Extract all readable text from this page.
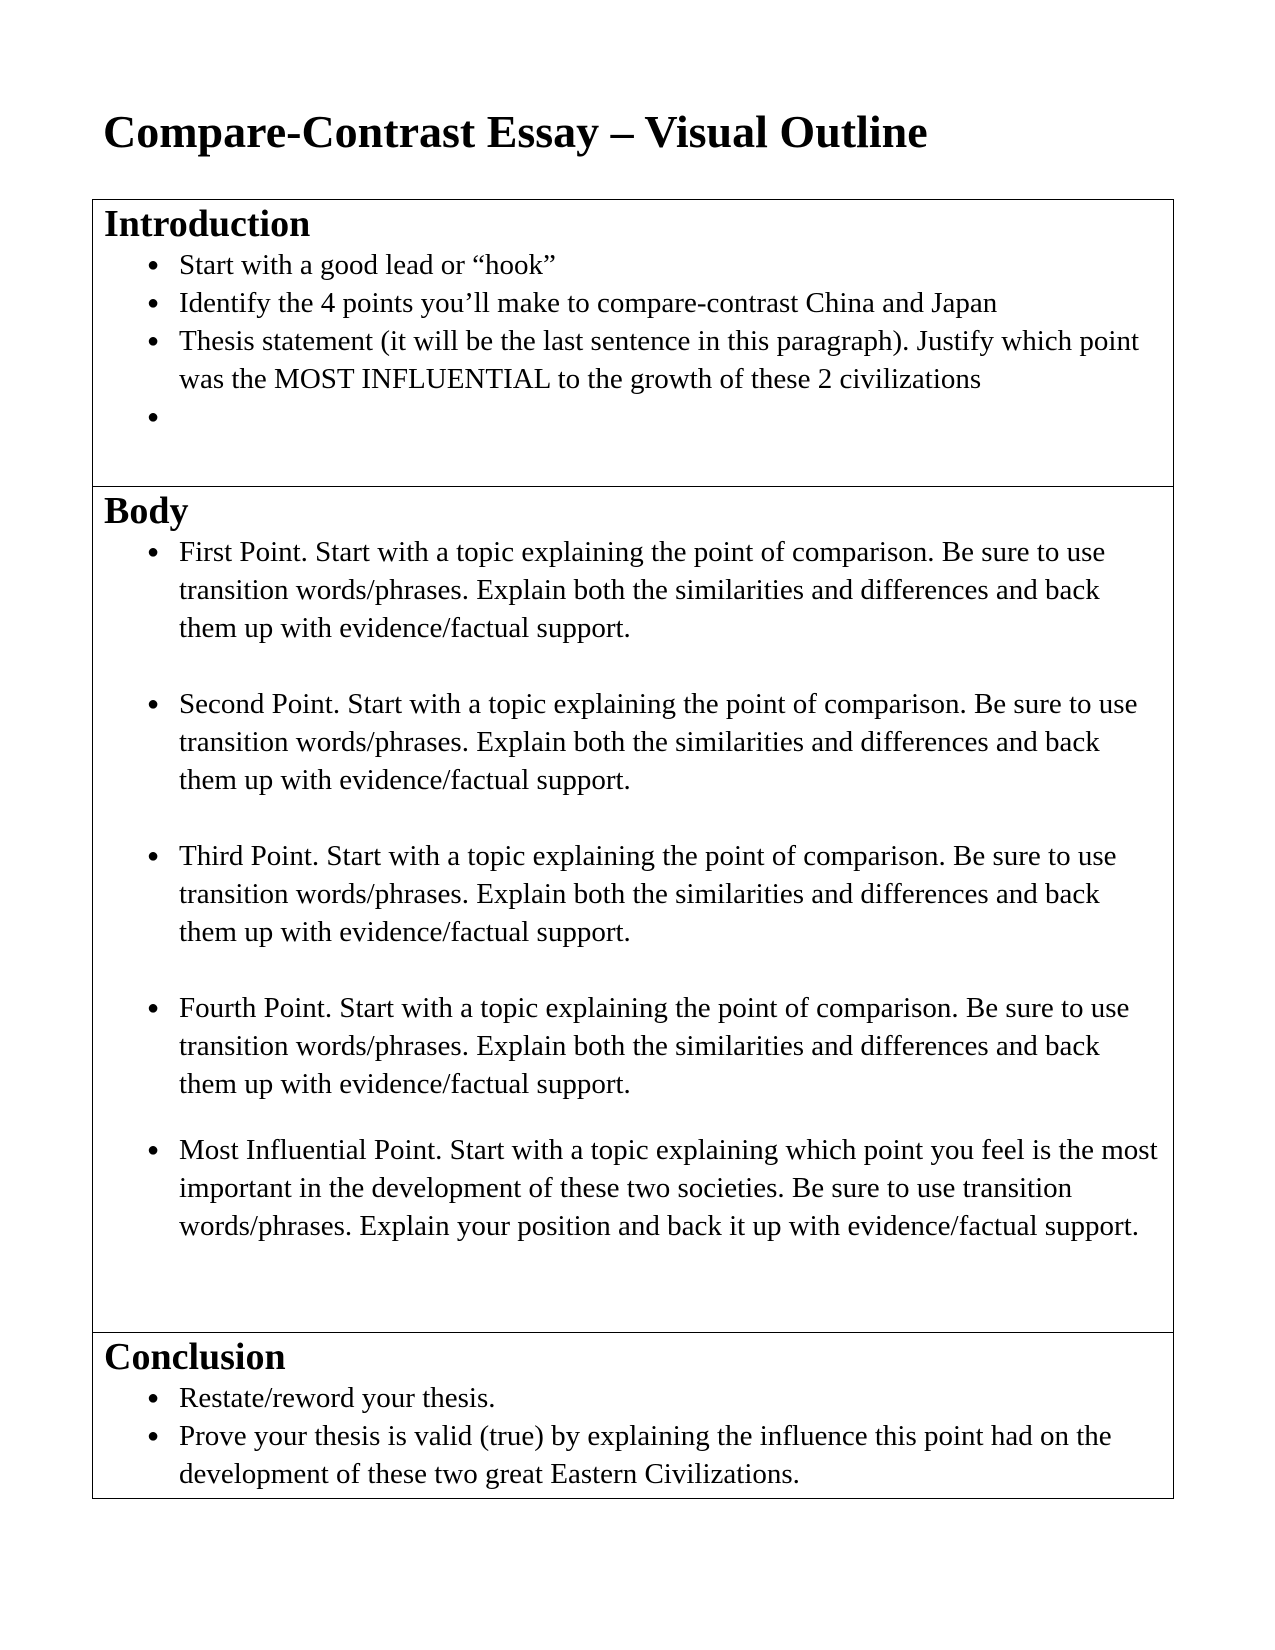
Compare-Contrast Essay – Visual Outline
Introduction
● Start with a good lead or “hook”
● Identify the 4 points you’ll make to compare-contrast China and Japan
● Thesis statement (it will be the last sentence in this paragraph). Justify which point was the MOST INFLUENTIAL to the growth of these 2 civilizations
●
Body
● First Point. Start with a topic explaining the point of comparison. Be sure to use transition words/phrases. Explain both the similarities and differences and back them up with evidence/factual support.
● Second Point. Start with a topic explaining the point of comparison. Be sure to use transition words/phrases. Explain both the similarities and differences and back them up with evidence/factual support.
● Third Point. Start with a topic explaining the point of comparison. Be sure to use transition words/phrases. Explain both the similarities and differences and back them up with evidence/factual support.
● Fourth Point. Start with a topic explaining the point of comparison. Be sure to use transition words/phrases. Explain both the similarities and differences and back them up with evidence/factual support.
● Most Influential Point. Start with a topic explaining which point you feel is the most important in the development of these two societies. Be sure to use transition words/phrases. Explain your position and back it up with evidence/factual support.
Conclusion
● Restate/reword your thesis.
● Prove your thesis is valid (true) by explaining the influence this point had on the development of these two great Eastern Civilizations.
